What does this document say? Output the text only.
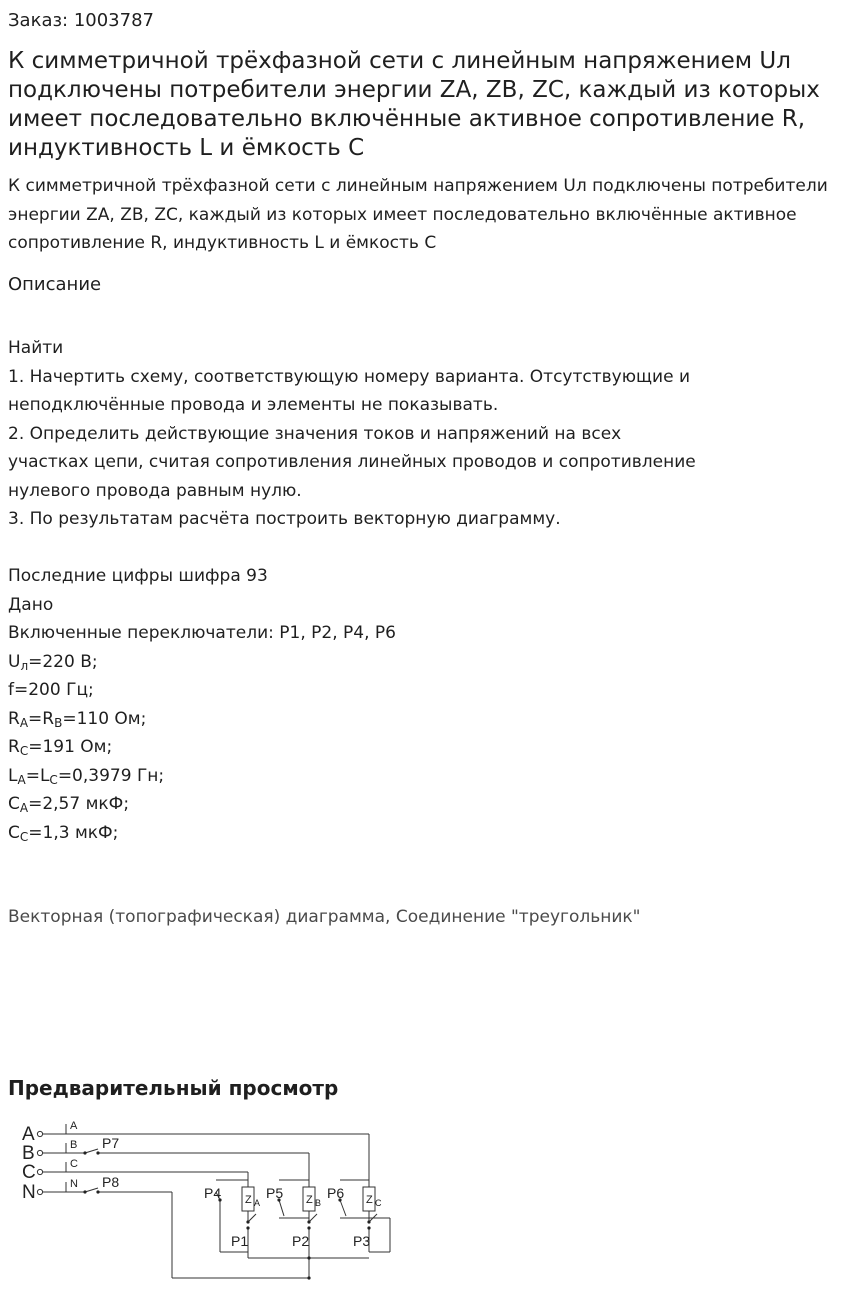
Заказ: 1003787
К симметричной трёхфазной сети с линейным напряжением Uл подключены потребители энергии ZA, ZB, ZC, каждый из которых имеет последовательно включённые активное сопротивление R, индуктивность L и ёмкость C

К симметричной трёхфазной сети с линейным напряжением Uл подключены потребители энергии ZA, ZB, ZC, каждый из которых имеет последовательно включённые активное сопротивление R, индуктивность L и ёмкость C

Описание
Найти
1. Начертить схему, соответствующую номеру варианта. Отсутствующие и
неподключённые провода и элементы не показывать.
2. Определить действующие значения токов и напряжений на всех
участках цепи, считая сопротивления линейных проводов и сопротивление
нулевого провода равным нулю.
3. По результатам расчёта построить векторную диаграмму.
Последние цифры шифра 93
Дано
Включенные переключатели: P1, P2, P4, P6
$U_л=220$ В;
f=200 Гц;
$R_A=R_B=110$ Ом;
$R_C=191$ Ом;
$L_A=L_C=0,3979$ Гн;
$C_A=2,57$ мкФ;
$C_C=1,3$ мкФ;
Векторная (топографическая) диаграмма, Соединение "треугольник"
Предварительный просмотр
A
B
C
N
A
B
C
N
P7
P8
P4	P5	P6
P1	P2	P3
Z A	Z B	Z C
